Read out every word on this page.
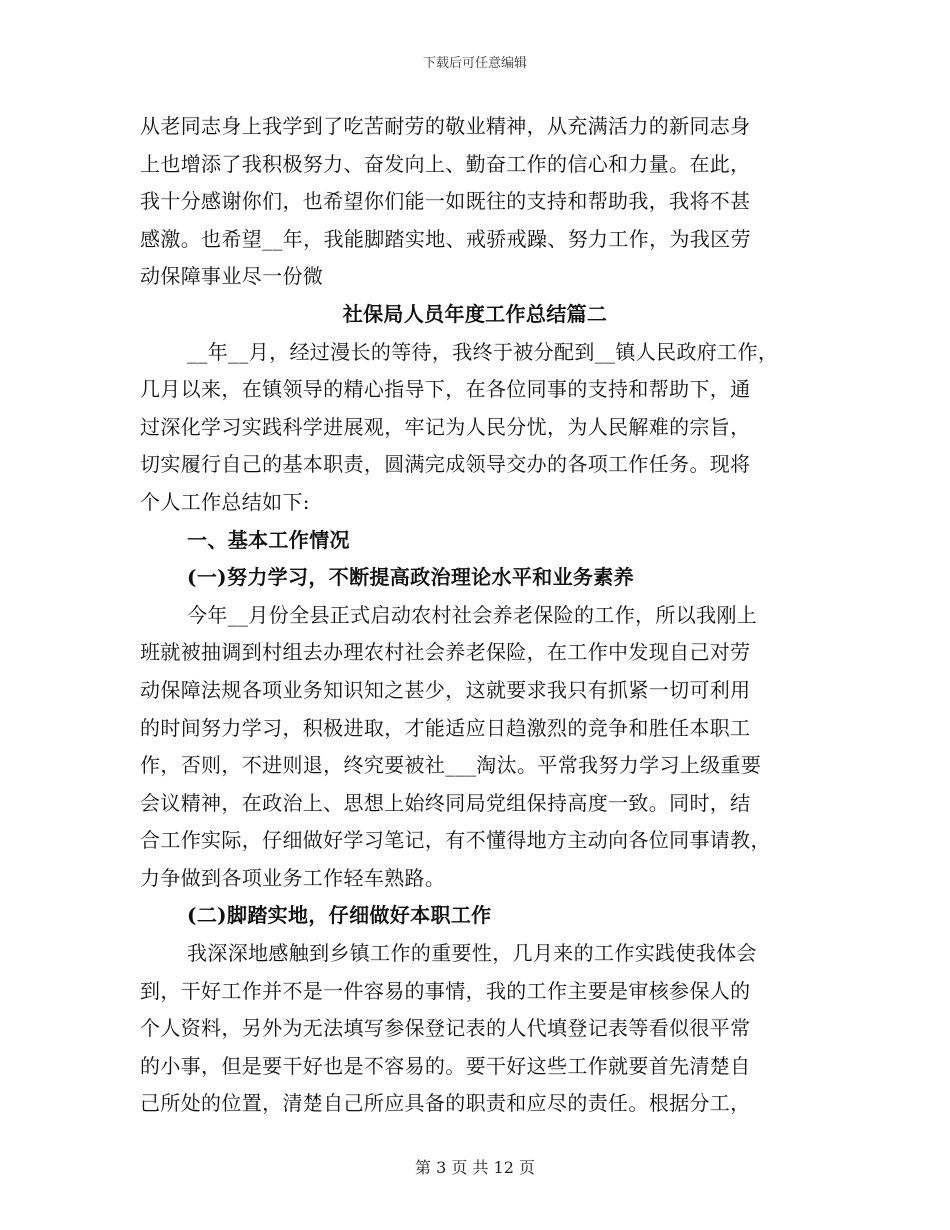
下载后可任意编辑
从老同志身上我学到了吃苦耐劳的敬业精神，从充满活力的新同志身
上也增添了我积极努力、奋发向上、勤奋工作的信心和力量。在此，
我十分感谢你们，也希望你们能一如既往的支持和帮助我，我将不甚
感激。也希望__年，我能脚踏实地、戒骄戒躁、努力工作，为我区劳
动保障事业尽一份微
社保局人员年度工作总结篇二
__年__月，经过漫长的等待，我终于被分配到__镇人民政府工作，
几月以来，在镇领导的精心指导下，在各位同事的支持和帮助下，通
过深化学习实践科学进展观，牢记为人民分忧，为人民解难的宗旨，
切实履行自己的基本职责，圆满完成领导交办的各项工作任务。现将
个人工作总结如下:
一、基本工作情况
(一)努力学习，不断提高政治理论水平和业务素养
今年__月份全县正式启动农村社会养老保险的工作，所以我刚上
班就被抽调到村组去办理农村社会养老保险，在工作中发现自己对劳
动保障法规各项业务知识知之甚少，这就要求我只有抓紧一切可利用
的时间努力学习，积极进取，才能适应日趋激烈的竞争和胜任本职工
作，否则，不进则退，终究要被社___淘汰。平常我努力学习上级重要
会议精神，在政治上、思想上始终同局党组保持高度一致。同时，结
合工作实际，仔细做好学习笔记，有不懂得地方主动向各位同事请教，
力争做到各项业务工作轻车熟路。
(二)脚踏实地，仔细做好本职工作
我深深地感触到乡镇工作的重要性，几月来的工作实践使我体会
到，干好工作并不是一件容易的事情，我的工作主要是审核参保人的
个人资料，另外为无法填写参保登记表的人代填登记表等看似很平常
的小事，但是要干好也是不容易的。要干好这些工作就要首先清楚自
己所处的位置，清楚自己所应具备的职责和应尽的责任。根据分工，
第 3 页 共 12 页
